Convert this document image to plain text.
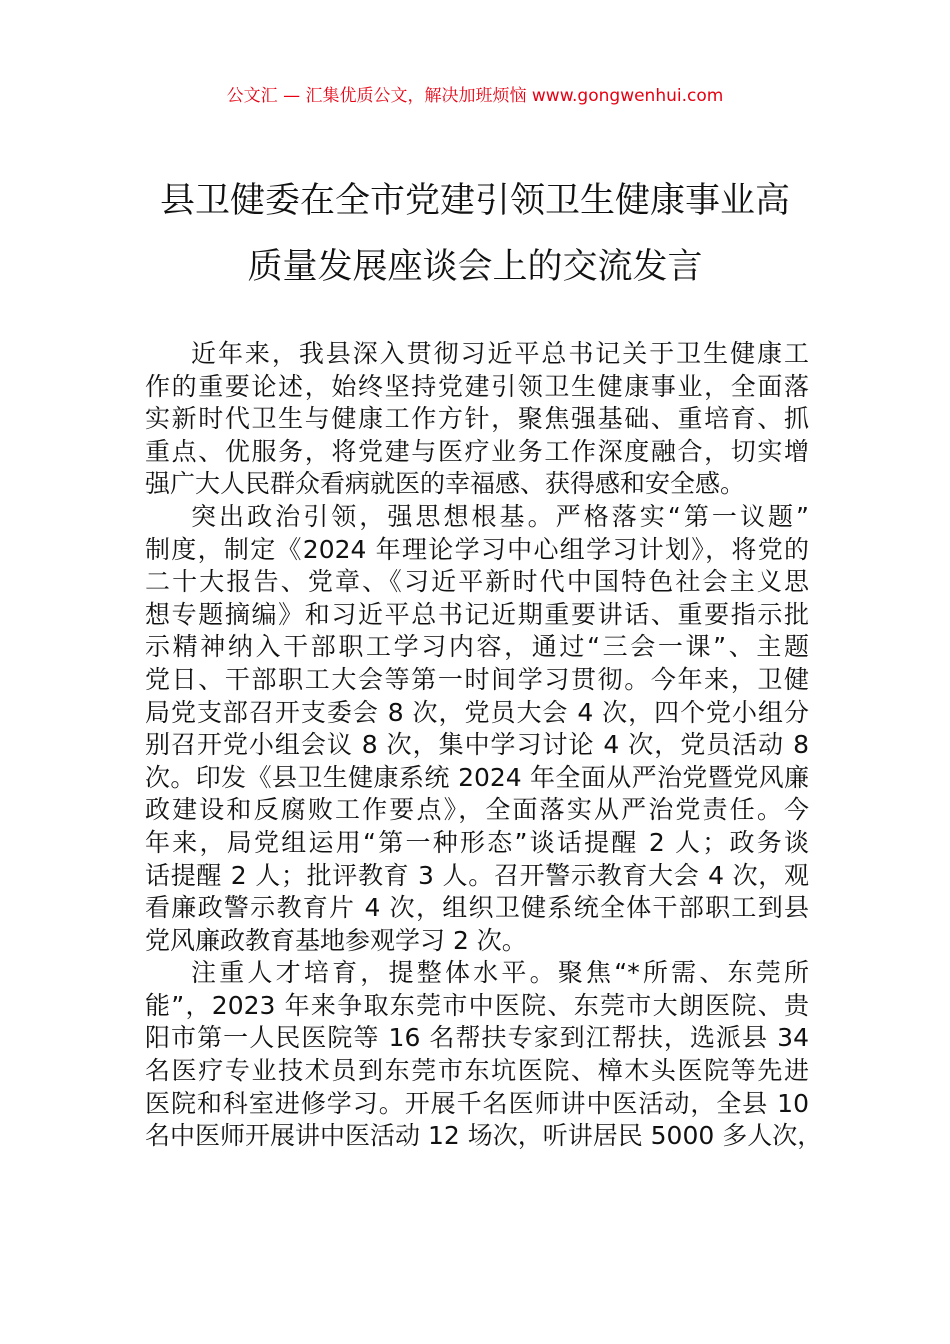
公文汇 — 汇集优质公文，解决加班烦恼 www.gongwenhui.com
县卫健委在全市党建引领卫生健康事业高
质量发展座谈会上的交流发言
近年来，我县深入贯彻习近平总书记关于卫生健康工
作的重要论述，始终坚持党建引领卫生健康事业，全面落
实新时代卫生与健康工作方针，聚焦强基础、重培育、抓
重点、优服务，将党建与医疗业务工作深度融合，切实增
强广大人民群众看病就医的幸福感、获得感和安全感。
突出政治引领，强思想根基。严格落实“第一议题”
制度，制定《2024 年理论学习中心组学习计划》，将党的
二十大报告、党章、《习近平新时代中国特色社会主义思
想专题摘编》和习近平总书记近期重要讲话、重要指示批
示精神纳入干部职工学习内容，通过“三会一课”、主题
党日、干部职工大会等第一时间学习贯彻。今年来，卫健
局党支部召开支委会 8 次，党员大会 4 次，四个党小组分
别召开党小组会议 8 次，集中学习讨论 4 次，党员活动 8
次。印发《县卫生健康系统 2024 年全面从严治党暨党风廉
政建设和反腐败工作要点》，全面落实从严治党责任。今
年来，局党组运用“第一种形态”谈话提醒 2 人；政务谈
话提醒 2 人；批评教育 3 人。召开警示教育大会 4 次，观
看廉政警示教育片 4 次，组织卫健系统全体干部职工到县
党风廉政教育基地参观学习 2 次。
注重人才培育，提整体水平。聚焦“*所需、东莞所
能”，2023 年来争取东莞市中医院、东莞市大朗医院、贵
阳市第一人民医院等 16 名帮扶专家到江帮扶，选派县 34
名医疗专业技术员到东莞市东坑医院、樟木头医院等先进
医院和科室进修学习。开展千名医师讲中医活动，全县 10
名中医师开展讲中医活动 12 场次，听讲居民 5000 多人次，
